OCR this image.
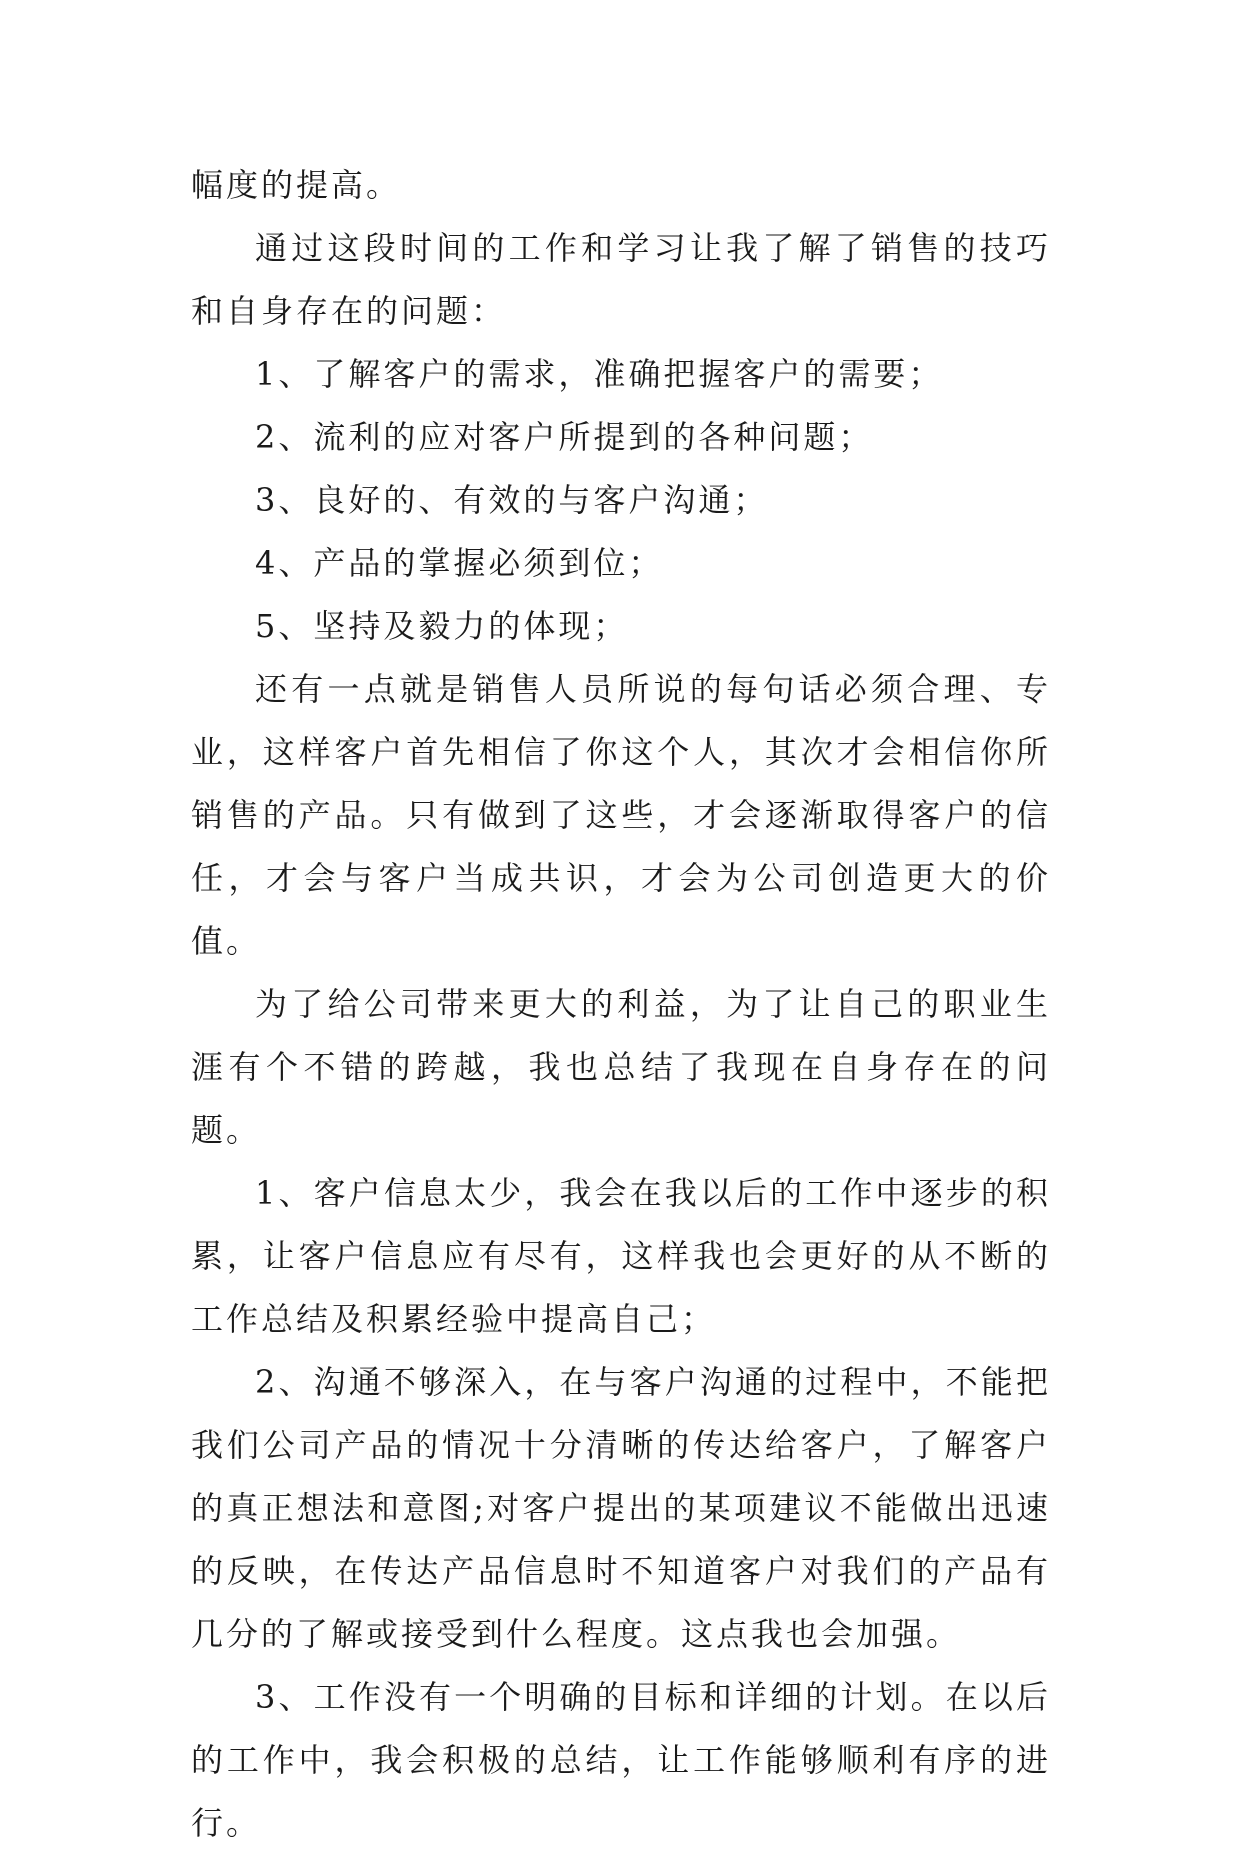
幅度的提高。

通过这段时间的工作和学习让我了解了销售的技巧和自身存在的问题：

1、了解客户的需求，准确把握客户的需要；

2、流利的应对客户所提到的各种问题；

3、良好的、有效的与客户沟通；

4、产品的掌握必须到位；

5、坚持及毅力的体现；

还有一点就是销售人员所说的每句话必须合理、专业，这样客户首先相信了你这个人，其次才会相信你所销售的产品。只有做到了这些，才会逐渐取得客户的信任，才会与客户当成共识，才会为公司创造更大的价值。

为了给公司带来更大的利益，为了让自己的职业生涯有个不错的跨越，我也总结了我现在自身存在的问题。

1、客户信息太少，我会在我以后的工作中逐步的积累，让客户信息应有尽有，这样我也会更好的从不断的工作总结及积累经验中提高自己；

2、沟通不够深入，在与客户沟通的过程中，不能把我们公司产品的情况十分清晰的传达给客户，了解客户的真正想法和意图;对客户提出的某项建议不能做出迅速的反映，在传达产品信息时不知道客户对我们的产品有几分的了解或接受到什么程度。这点我也会加强。

3、工作没有一个明确的目标和详细的计划。在以后的工作中，我会积极的总结，让工作能够顺利有序的进行。
